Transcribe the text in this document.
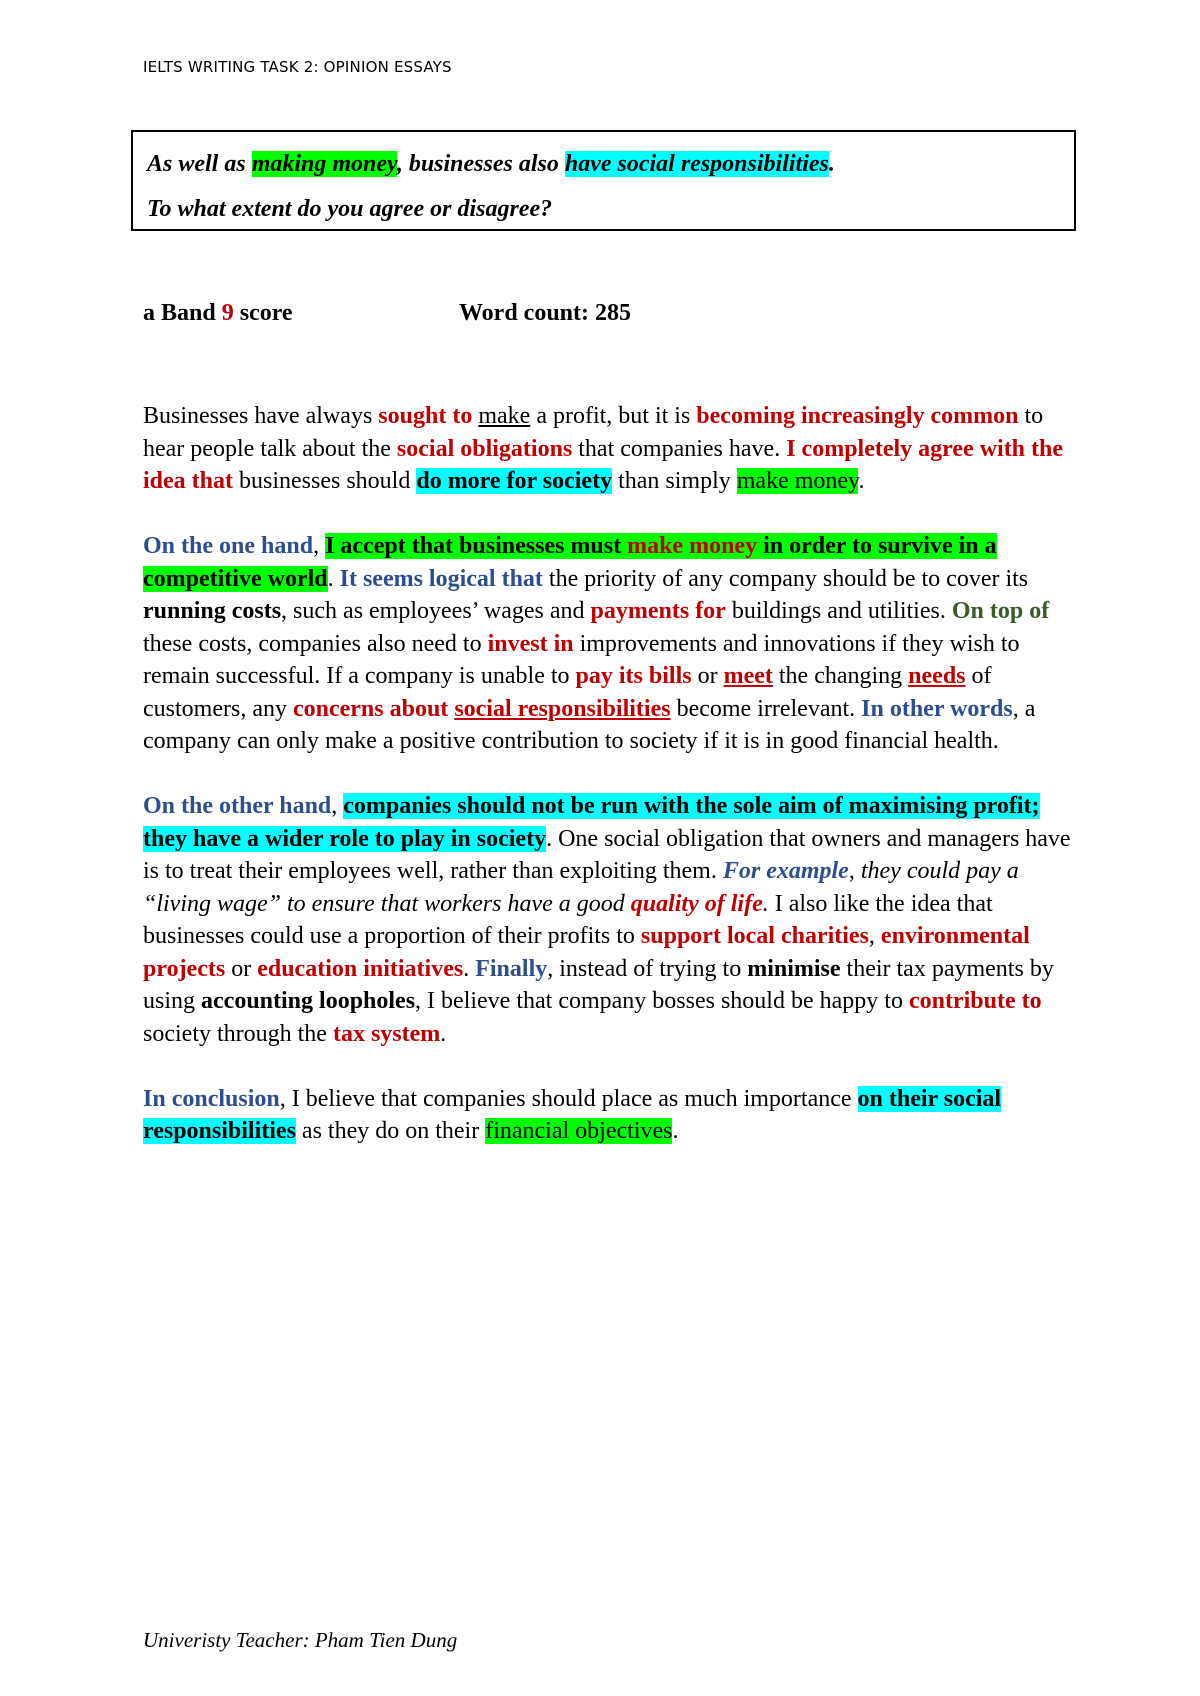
IELTS WRITING TASK 2: OPINION ESSAYS
As well as making money, businesses also have social responsibilities.
To what extent do you agree or disagree?
a Band 9 score	Word count: 285

Businesses have always sought to make a profit, but it is becoming increasingly common to hear people talk about the social obligations that companies have. I completely agree with the idea that businesses should do more for society than simply make money.

On the one hand, I accept that businesses must make money in order to survive in a competitive world. It seems logical that the priority of any company should be to cover its running costs, such as employees’ wages and payments for buildings and utilities. On top of these costs, companies also need to invest in improvements and innovations if they wish to remain successful. If a company is unable to pay its bills or meet the changing needs of customers, any concerns about social responsibilities become irrelevant. In other words, a company can only make a positive contribution to society if it is in good financial health.

On the other hand, companies should not be run with the sole aim of maximising profit; they have a wider role to play in society. One social obligation that owners and managers have is to treat their employees well, rather than exploiting them. For example, they could pay a “living wage” to ensure that workers have a good quality of life. I also like the idea that businesses could use a proportion of their profits to support local charities, environmental projects or education initiatives. Finally, instead of trying to minimise their tax payments by using accounting loopholes, I believe that company bosses should be happy to contribute to society through the tax system.

In conclusion, I believe that companies should place as much importance on their social responsibilities as they do on their financial objectives.

Univeristy Teacher: Pham Tien Dung
